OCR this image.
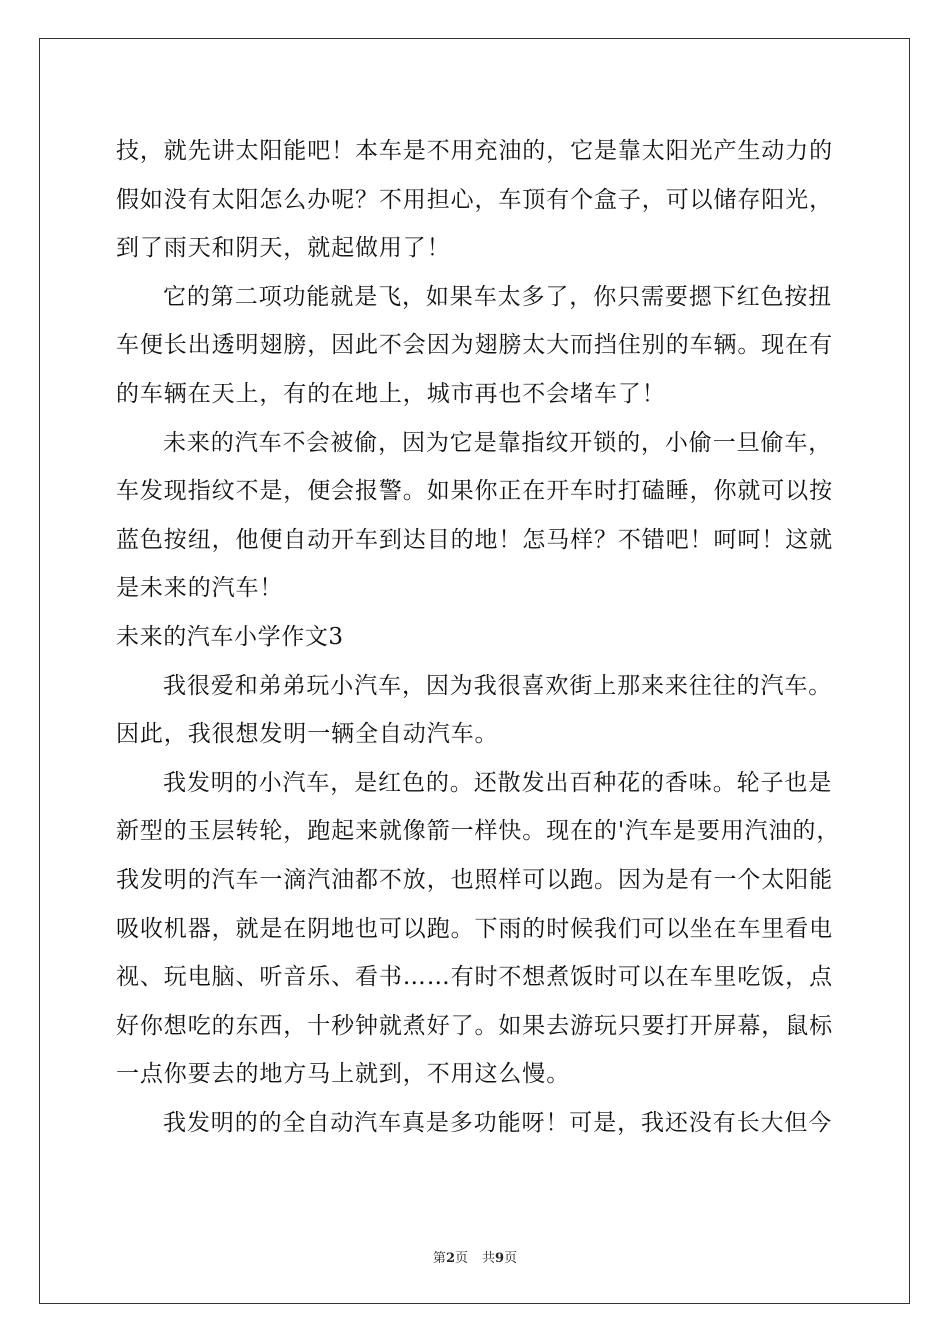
技，就先讲太阳能吧！本车是不用充油的，它是靠太阳光产生动力的
假如没有太阳怎么办呢？不用担心，车顶有个盒子，可以储存阳光，
到了雨天和阴天，就起做用了！
它的第二项功能就是飞，如果车太多了，你只需要摁下红色按扭
车便长出透明翅膀，因此不会因为翅膀太大而挡住别的车辆。现在有
的车辆在天上，有的在地上，城市再也不会堵车了！
未来的汽车不会被偷，因为它是靠指纹开锁的，小偷一旦偷车，
车发现指纹不是，便会报警。如果你正在开车时打磕睡，你就可以按
蓝色按纽，他便自动开车到达目的地！怎马样？不错吧！呵呵！这就
是未来的汽车！
未来的汽车小学作文3
我很爱和弟弟玩小汽车，因为我很喜欢街上那来来往往的汽车。
因此，我很想发明一辆全自动汽车。
我发明的小汽车，是红色的。还散发出百种花的香味。轮子也是
新型的玉层转轮，跑起来就像箭一样快。现在的'汽车是要用汽油的，
我发明的汽车一滴汽油都不放，也照样可以跑。因为是有一个太阳能
吸收机器，就是在阴地也可以跑。下雨的时候我们可以坐在车里看电
视、玩电脑、听音乐、看书……有时不想煮饭时可以在车里吃饭，点
好你想吃的东西，十秒钟就煮好了。如果去游玩只要打开屏幕，鼠标
一点你要去的地方马上就到，不用这么慢。
我发明的的全自动汽车真是多功能呀！可是，我还没有长大但今
第2页 共9页
